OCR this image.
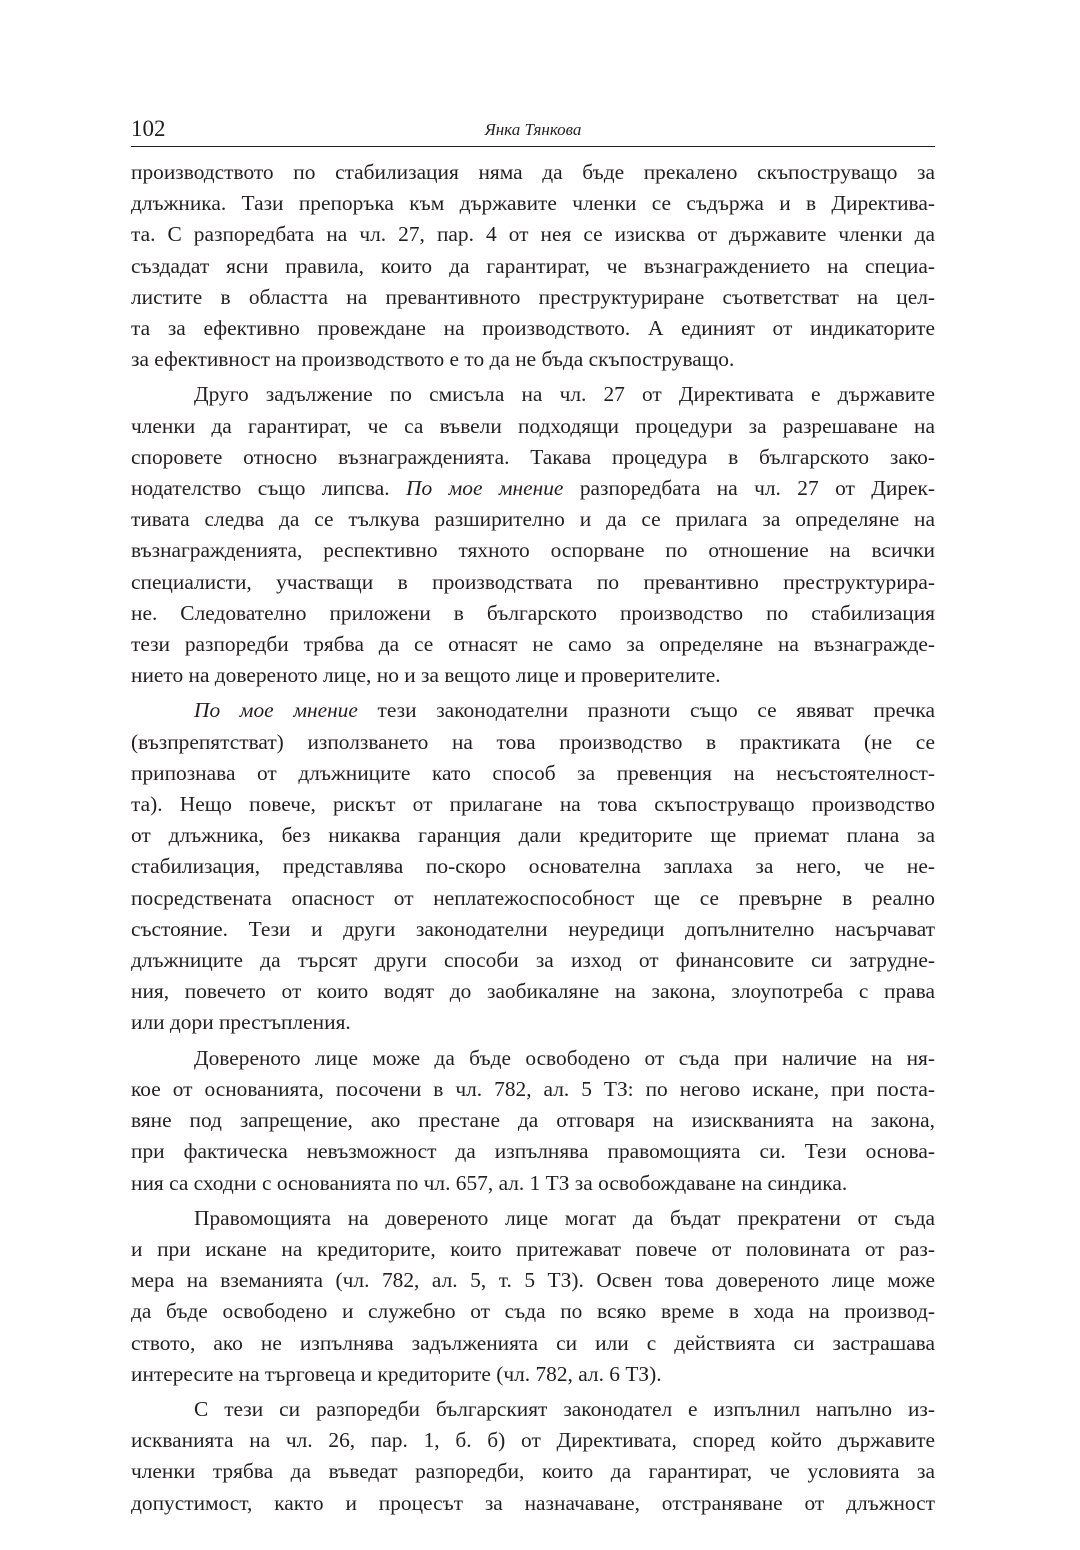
102	Янка Тянкова
производството по стабилизация няма да бъде прекалено скъпоструващо за
длъжника. Тази препоръка към държавите членки се съдържа и в Директива-
та. С разпоредбата на чл. 27, пар. 4 от нея се изисква от държавите членки да
създадат ясни правила, които да гарантират, че възнаграждението на специа-
листите в областта на превантивното преструктуриране съответстват на цел-
та за ефективно провеждане на производството. А единият от индикаторите
за ефективност на производството е то да не бъда скъпоструващо.
Друго задължение по смисъла на чл. 27 от Директивата е държавите
членки да гарантират, че са въвели подходящи процедури за разрешаване на
споровете относно възнагражденията. Такава процедура в българското зако-
нодателство също липсва. По мое мнение разпоредбата на чл. 27 от Дирек-
тивата следва да се тълкува разширително и да се прилага за определяне на
възнагражденията, респективно тяхното оспорване по отношение на всички
специалисти, участващи в производствата по превантивно преструктурира-
не. Следователно приложени в българското производство по стабилизация
тези разпоредби трябва да се отнасят не само за определяне на възнагражде-
нието на довереното лице, но и за вещото лице и проверителите.
По мое мнение тези законодателни празноти също се явяват пречка
(възпрепятстват) използването на това производство в практиката (не се
припознава от длъжниците като способ за превенция на несъстоятелност-
та). Нещо повече, рискът от прилагане на това скъпоструващо производство
от длъжника, без никаква гаранция дали кредиторите ще приемат плана за
стабилизация, представлява по-скоро основателна заплаха за него, че не-
посредствената опасност от неплатежоспособност ще се превърне в реално
състояние. Тези и други законодателни неуредици допълнително насърчават
длъжниците да търсят други способи за изход от финансовите си затрудне-
ния, повечето от които водят до заобикаляне на закона, злоупотреба с права
или дори престъпления.
Довереното лице може да бъде освободено от съда при наличие на ня-
кое от основанията, посочени в чл. 782, ал. 5 ТЗ: по негово искане, при поста-
вяне под запрещение, ако престане да отговаря на изискванията на закона,
при фактическа невъзможност да изпълнява правомощията си. Тези основа-
ния са сходни с основанията по чл. 657, ал. 1 ТЗ за освобождаване на синдика.
Правомощията на довереното лице могат да бъдат прекратени от съда
и при искане на кредиторите, които притежават повече от половината от раз-
мера на вземанията (чл. 782, ал. 5, т. 5 ТЗ). Освен това довереното лице може
да бъде освободено и служебно от съда по всяко време в хода на производ-
ството, ако не изпълнява задълженията си или с действията си застрашава
интересите на търговеца и кредиторите (чл. 782, ал. 6 ТЗ).
С тези си разпоредби българският законодател е изпълнил напълно из-
искванията на чл. 26, пар. 1, б. б) от Директивата, според който държавите
членки трябва да въведат разпоредби, които да гарантират, че условията за
допустимост, както и процесът за назначаване, отстраняване от длъжност
